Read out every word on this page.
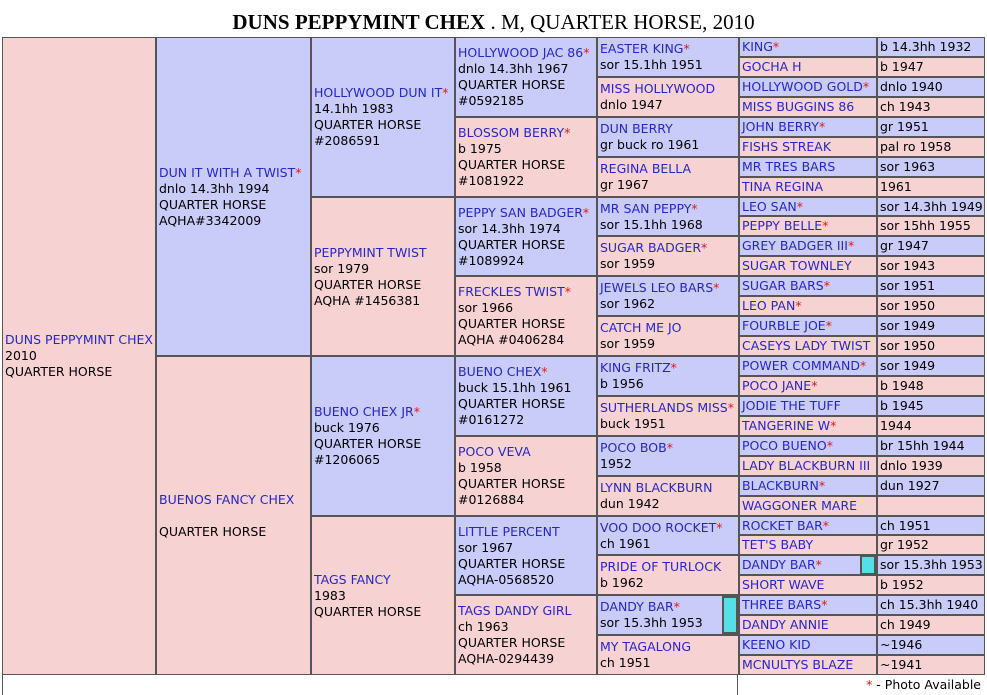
DUNS PEPPYMINT CHEX . M, QUARTER HORSE, 2010
DUNS PEPPYMINT CHEX
2010
QUARTER HORSE
DUN IT WITH A TWIST*
dnlo 14.3hh 1994
QUARTER HORSE
AQHA#3342009
BUENOS FANCY CHEX
QUARTER HORSE
HOLLYWOOD DUN IT*
14.1hh 1983
QUARTER HORSE
#2086591
PEPPYMINT TWIST
sor 1979
QUARTER HORSE
AQHA #1456381
BUENO CHEX JR*
buck 1976
QUARTER HORSE
#1206065
TAGS FANCY
1983
QUARTER HORSE
HOLLYWOOD JAC 86*
dnlo 14.3hh 1967
QUARTER HORSE
#0592185
BLOSSOM BERRY*
b 1975
QUARTER HORSE
#1081922
PEPPY SAN BADGER*
sor 14.3hh 1974
QUARTER HORSE
#1089924
FRECKLES TWIST*
sor 1966
QUARTER HORSE
AQHA #0406284
BUENO CHEX*
buck 15.1hh 1961
QUARTER HORSE
#0161272
POCO VEVA
b 1958
QUARTER HORSE
#0126884
LITTLE PERCENT
sor 1967
QUARTER HORSE
AQHA-0568520
TAGS DANDY GIRL
ch 1963
QUARTER HORSE
AQHA-0294439
EASTER KING*
sor 15.1hh 1951
MISS HOLLYWOOD
dnlo 1947
DUN BERRY
gr buck ro 1961
REGINA BELLA
gr 1967
MR SAN PEPPY*
sor 15.1hh 1968
SUGAR BADGER*
sor 1959
JEWELS LEO BARS*
sor 1962
CATCH ME JO
sor 1959
KING FRITZ*
b 1956
SUTHERLANDS MISS*
buck 1951
POCO BOB*
1952
LYNN BLACKBURN
dun 1942
VOO DOO ROCKET*
ch 1961
PRIDE OF TURLOCK
b 1962
DANDY BAR*
sor 15.3hh 1953
MY TAGALONG
ch 1951
KING*	b 14.3hh 1932
GOCHA H	b 1947
HOLLYWOOD GOLD* dnlo 1940
MISS BUGGINS 86 ch 1943
JOHN BERRY*	gr 1951
FISHS STREAK	pal ro 1958
MR TRES BARS	sor 1963
TINA REGINA	1961
LEO SAN*	sor 14.3hh 1949
PEPPY BELLE*	sor 15hh 1955
GREY BADGER III* gr 1947
SUGAR TOWNLEY sor 1943
SUGAR BARS*	sor 1951
LEO PAN*	sor 1950
FOURBLE JOE*	sor 1949
CASEYS LADY TWIST sor 1950
POWER COMMAND* sor 1949
POCO JANE*	b 1948
JODIE THE TUFF	b 1945
TANGERINE W*	1944
POCO BUENO*	br 15hh 1944
LADY BLACKBURN III dnlo 1939
BLACKBURN*	dun 1927
WAGGONER MARE
ROCKET BAR*	ch 1951
TET'S BABY	gr 1952
DANDY BAR*	sor 15.3hh 1953
SHORT WAVE	b 1952
THREE BARS*	ch 15.3hh 1940
DANDY ANNIE	ch 1949
KEENO KID	~1946
MCNULTYS BLAZE ~1941
* - Photo Available
